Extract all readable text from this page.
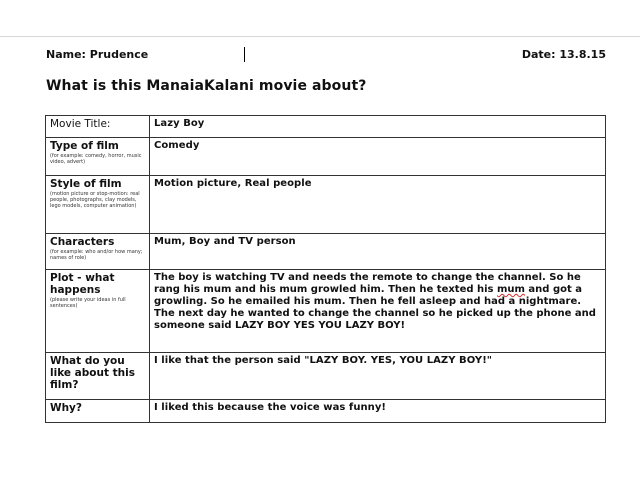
Name: Prudence	Date: 13.8.15
What is this ManaiaKalani movie about?
Movie Title:	Lazy Boy

Type of film
(for example: comedy, horror, music video, advert)	Comedy

Style of film
(motion picture or stop-motion: real people, photographs, clay models, lego models, computer animation)	Motion picture, Real people

Characters
(for example: who and/or how many; names of role)	Mum, Boy and TV person

Plot - what happens
(please write your ideas in full sentences)	The boy is watching TV and needs the remote to change the channel. So he rang his mum and his mum growled him. Then he texted his mum and got a growling. So he emailed his mum. Then he fell asleep and had a nightmare. The next day he wanted to change the channel so he picked up the phone and someone said LAZY BOY YES YOU LAZY BOY!

What do you like about this film?	I like that the person said "LAZY BOY. YES, YOU LAZY BOY!"

Why?	I liked this because the voice was funny!
